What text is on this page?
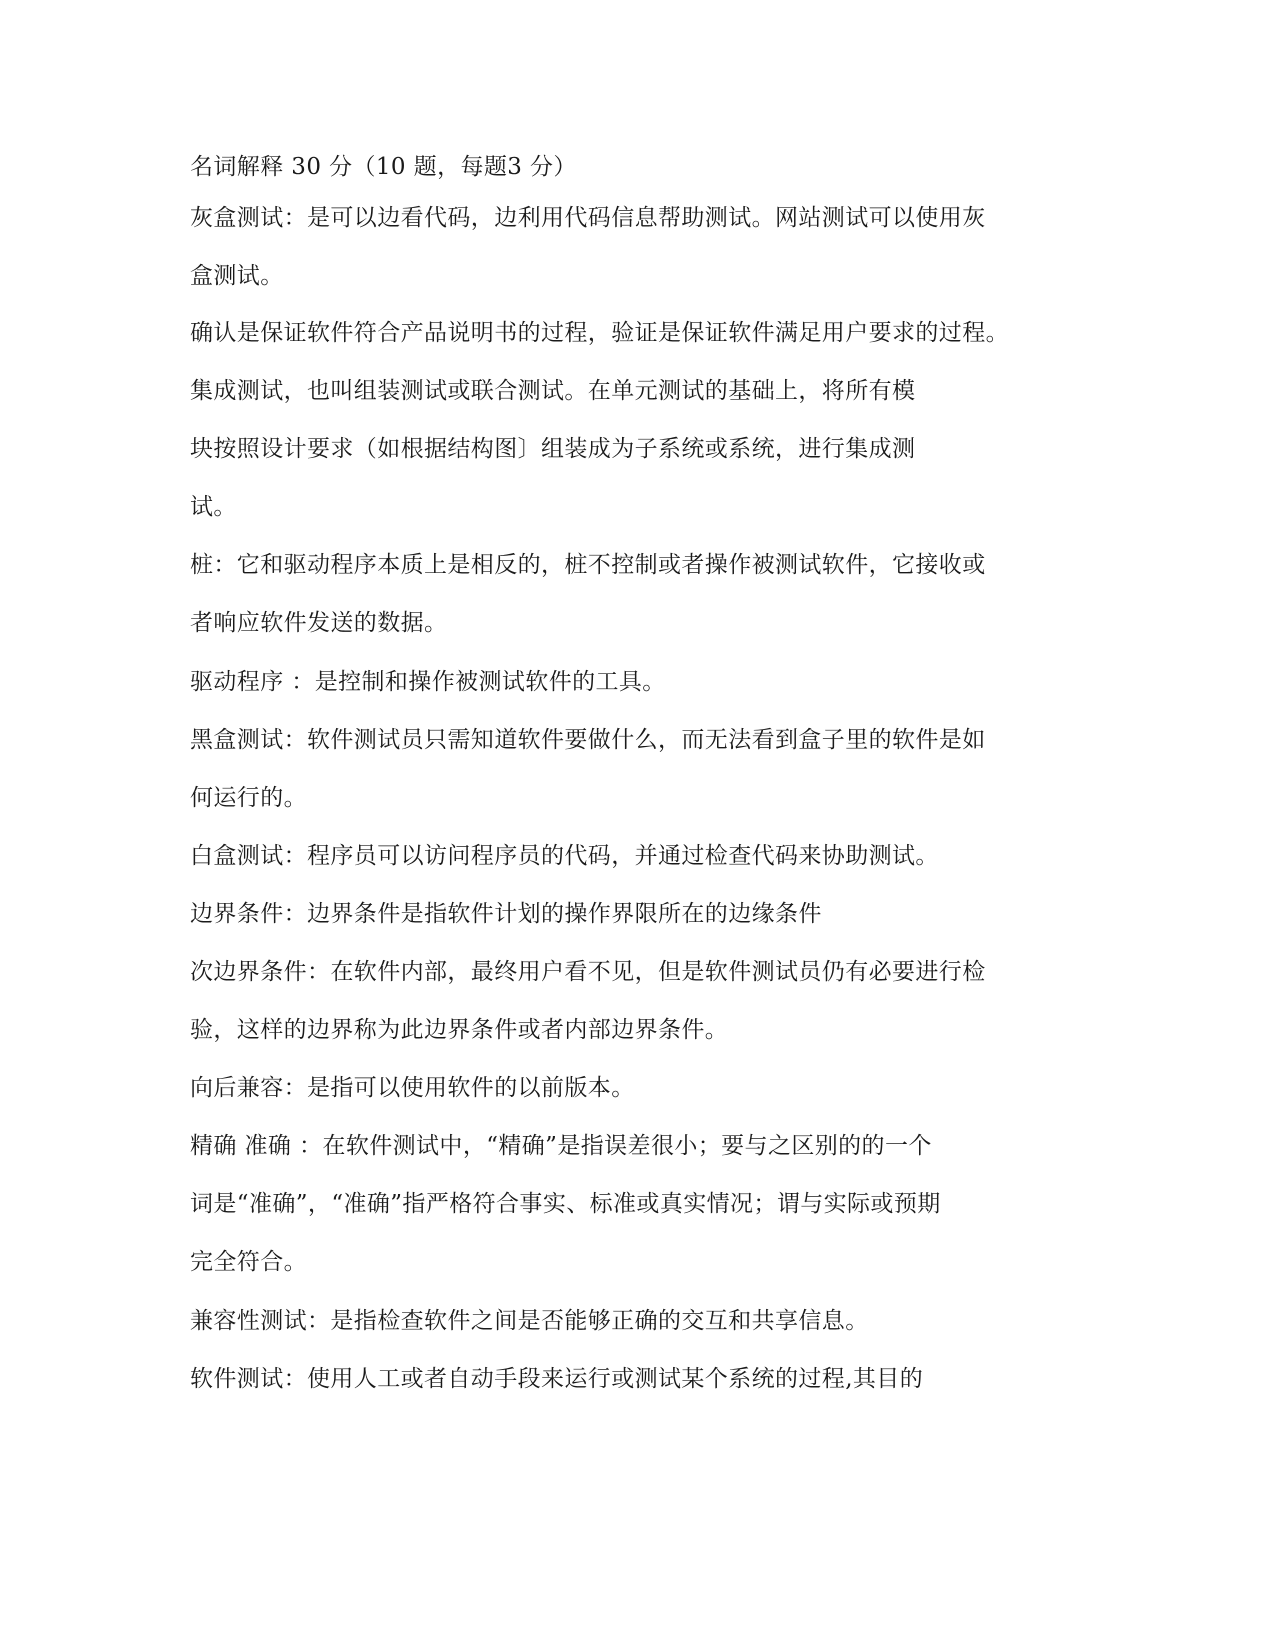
名词解释 30 分（10 题，每题3 分）
灰盒测试：是可以边看代码，边利用代码信息帮助测试。网站测试可以使用灰
盒测试。
确认是保证软件符合产品说明书的过程，验证是保证软件满足用户要求的过程。
集成测试，也叫组装测试或联合测试。在单元测试的基础上，将所有模
块按照设计要求（如根据结构图〕组装成为子系统或系统，进行集成测
试。
桩：它和驱动程序本质上是相反的，桩不控制或者操作被测试软件，它接收或
者响应软件发送的数据。
驱动程序 ：是控制和操作被测试软件的工具。
黑盒测试：软件测试员只需知道软件要做什么，而无法看到盒子里的软件是如
何运行的。
白盒测试：程序员可以访问程序员的代码，并通过检查代码来协助测试。
边界条件：边界条件是指软件计划的操作界限所在的边缘条件
次边界条件：在软件内部，最终用户看不见，但是软件测试员仍有必要进行检
验，这样的边界称为此边界条件或者内部边界条件。
向后兼容：是指可以使用软件的以前版本。
精确 准确 ：在软件测试中，“精确”是指误差很小；要与之区别的的一个
词是“准确”，“准确”指严格符合事实、标准或真实情况；谓与实际或预期
完全符合。
兼容性测试：是指检查软件之间是否能够正确的交互和共享信息。
软件测试：使用人工或者自动手段来运行或测试某个系统的过程,其目的
